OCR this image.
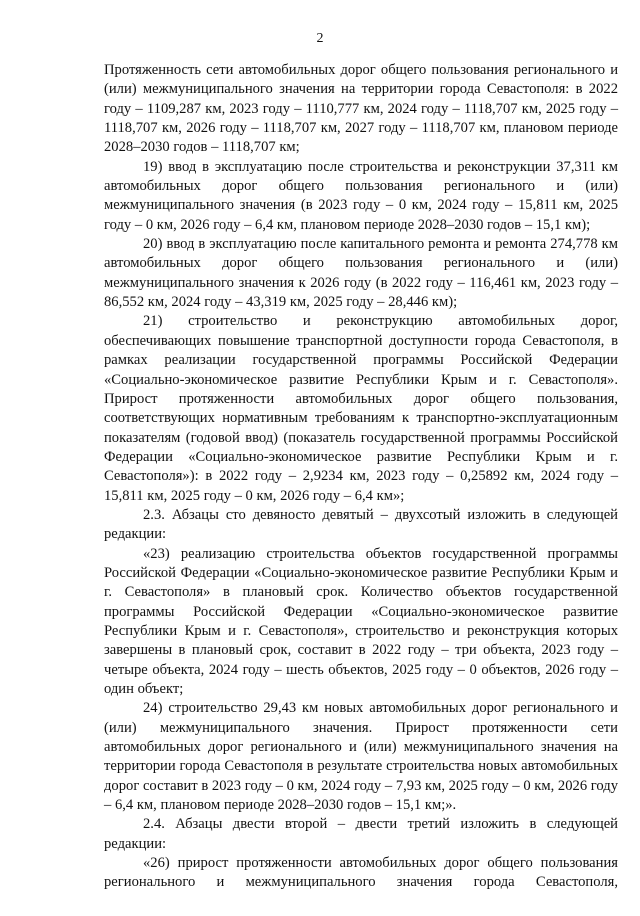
2

Протяженность сети автомобильных дорог общего пользования регионального и (или) межмуниципального значения на территории города Севастополя: в 2022 году – 1109,287 км, 2023 году – 1110,777 км, 2024 году – 1118,707 км, 2025 году – 1118,707 км, 2026 году – 1118,707 км, 2027 году – 1118,707 км, плановом периоде 2028–2030 годов – 1118,707 км;

19) ввод в эксплуатацию после строительства и реконструкции 37,311 км автомобильных дорог общего пользования регионального и (или) межмуниципального значения (в 2023 году – 0 км, 2024 году – 15,811 км, 2025 году – 0 км, 2026 году – 6,4 км, плановом периоде 2028–2030 годов – 15,1 км);

20) ввод в эксплуатацию после капитального ремонта и ремонта 274,778 км автомобильных дорог общего пользования регионального и (или) межмуниципального значения к 2026 году (в 2022 году – 116,461 км, 2023 году – 86,552 км, 2024 году – 43,319 км, 2025 году – 28,446 км);

21) строительство и реконструкцию автомобильных дорог, обеспечивающих повышение транспортной доступности города Севастополя, в рамках реализации государственной программы Российской Федерации «Социально-экономическое развитие Республики Крым и г. Севастополя». Прирост протяженности автомобильных дорог общего пользования, соответствующих нормативным требованиям к транспортно-эксплуатационным показателям (годовой ввод) (показатель государственной программы Российской Федерации «Социально-экономическое развитие Республики Крым и г. Севастополя»): в 2022 году – 2,9234 км, 2023 году – 0,25892 км, 2024 году – 15,811 км, 2025 году – 0 км, 2026 году – 6,4 км»;

2.3. Абзацы сто девяносто девятый – двухсотый изложить в следующей редакции:

«23) реализацию строительства объектов государственной программы Российской Федерации «Социально-экономическое развитие Республики Крым и г. Севастополя» в плановый срок. Количество объектов государственной программы Российской Федерации «Социально-экономическое развитие Республики Крым и г. Севастополя», строительство и реконструкция которых завершены в плановый срок, составит в 2022 году – три объекта, 2023 году – четыре объекта, 2024 году – шесть объектов, 2025 году – 0 объектов, 2026 году – один объект;

24) строительство 29,43 км новых автомобильных дорог регионального и (или) межмуниципального значения. Прирост протяженности сети автомобильных дорог регионального и (или) межмуниципального значения на территории города Севастополя в результате строительства новых автомобильных дорог составит в 2023 году – 0 км, 2024 году – 7,93 км, 2025 году – 0 км, 2026 году – 6,4 км, плановом периоде 2028–2030 годов – 15,1 км;».

2.4. Абзацы двести второй – двести третий изложить в следующей редакции:

«26) прирост протяженности автомобильных дорог общего пользования регионального и межмуниципального значения города Севастополя,
